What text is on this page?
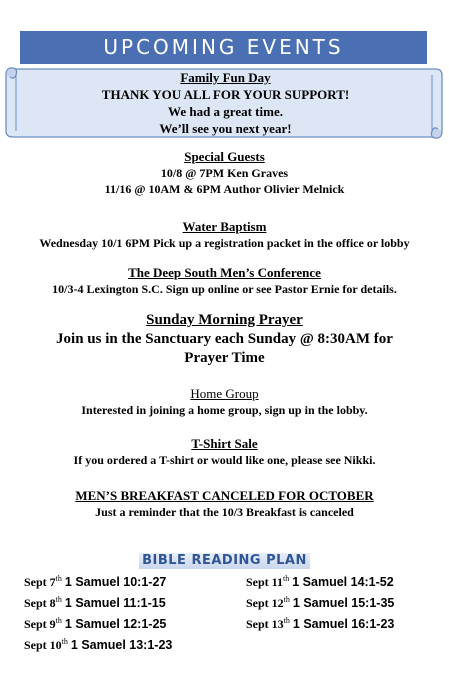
UPCOMING EVENTS
Family Fun Day
THANK YOU ALL FOR YOUR SUPPORT!
We had a great time.
We’ll see you next year!
Special Guests
10/8 @ 7PM Ken Graves
11/16 @ 10AM & 6PM Author Olivier Melnick
Water Baptism
Wednesday 10/1 6PM Pick up a registration packet in the office or lobby
The Deep South Men’s Conference
10/3-4 Lexington S.C. Sign up online or see Pastor Ernie for details.
Sunday Morning Prayer
Join us in the Sanctuary each Sunday @ 8:30AM for
Prayer Time
Home Group
Interested in joining a home group, sign up in the lobby.
T-Shirt Sale
If you ordered a T-shirt or would like one, please see Nikki.
MEN’S BREAKFAST CANCELED FOR OCTOBER
Just a reminder that the 10/3 Breakfast is canceled
BIBLE READING PLAN
Sept 7th 1 Samuel 10:1-27
Sept 8th 1 Samuel 11:1-15
Sept 9th 1 Samuel 12:1-25
Sept 10th 1 Samuel 13:1-23
Sept 11th 1 Samuel 14:1-52
Sept 12th 1 Samuel 15:1-35
Sept 13th 1 Samuel 16:1-23
